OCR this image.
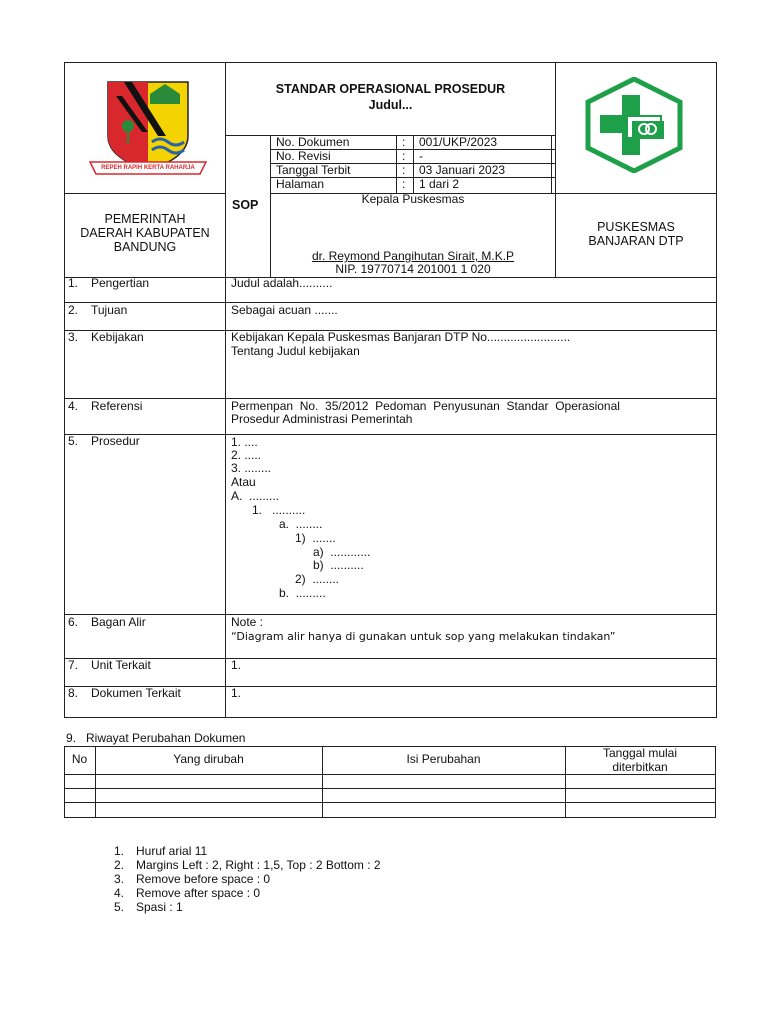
REPEH RAPIH KERTA RAHARJA
PEMERINTAH
DAERAH KABUPATEN
BANDUNG
STANDAR OPERASIONAL PROSEDUR
Judul...
SOP
No. Dokumen	: 001/UKP/2023
No. Revisi	: -
Tanggal Terbit	: 03 Januari 2023
Halaman	: 1 dari 2
Kepala Puskesmas
dr. Reymond Pangihutan Sirait, M.K.P
NIP. 19770714 201001 1 020
PUSKESMAS
BANJARAN DTP
1.	Pengertian	Judul adalah..........
2.	Tujuan	Sebagai acuan .......
3.	Kebijakan	Kebijakan Kepala Puskesmas Banjaran DTP No.........................
Tentang Judul kebijakan
4.	Referensi	Permenpan  No.  35/2012  Pedoman  Penyusunan  Standar  Operasional
Prosedur Administrasi Pemerintah
5.	Prosedur	1. ....
2. .....
3. ........
Atau
A.  .........
1.   ..........
a.  ........
1)  .......
a)  ............
b)  ..........
2)  ........
b.  .........
6.	Bagan Alir	Note :
“Diagram alir hanya di gunakan untuk sop yang melakukan tindakan”
7.	Unit Terkait	1.
8.	Dokumen Terkait	1.
9.   Riwayat Perubahan Dokumen
No	Yang dirubah	Isi Perubahan	Tanggal mulai
diterbitkan
1. Huruf arial 11
2. Margins Left : 2, Right : 1,5, Top : 2 Bottom : 2
3. Remove before space : 0
4. Remove after space : 0
5. Spasi : 1
